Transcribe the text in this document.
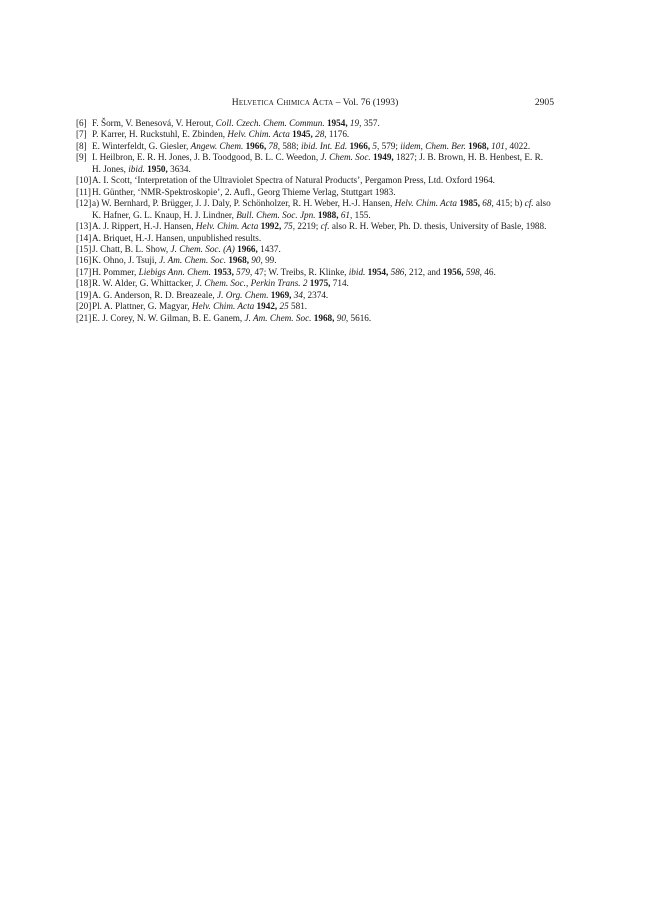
Helvetica Chimica Acta – Vol. 76 (1993)	2905
[6] F. Šorm, V. Benesová, V. Herout, Coll. Czech. Chem. Commun. 1954, 19, 357.
[7] P. Karrer, H. Ruckstuhl, E. Zbinden, Helv. Chim. Acta 1945, 28, 1176.
[8] E. Winterfeldt, G. Giesler, Angew. Chem. 1966, 78, 588; ibid. Int. Ed. 1966, 5, 579; iidem, Chem. Ber. 1968, 101, 4022.
[9] I. Heilbron, E. R. H. Jones, J. B. Toodgood, B. L. C. Weedon, J. Chem. Soc. 1949, 1827; J. B. Brown, H. B. Henbest, E. R. H. Jones, ibid. 1950, 3634.
[10] A. I. Scott, ‘Interpretation of the Ultraviolet Spectra of Natural Products’, Pergamon Press, Ltd. Oxford 1964.
[11] H. Günther, ‘NMR-Spektroskopie’, 2. Aufl., Georg Thieme Verlag, Stuttgart 1983.
[12] a) W. Bernhard, P. Brügger, J. J. Daly, P. Schönholzer, R. H. Weber, H.-J. Hansen, Helv. Chim. Acta 1985, 68, 415; b) cf. also K. Hafner, G. L. Knaup, H. J. Lindner, Bull. Chem. Soc. Jpn. 1988, 61, 155.
[13] A. J. Rippert, H.-J. Hansen, Helv. Chim. Acta 1992, 75, 2219; cf. also R. H. Weber, Ph. D. thesis, University of Basle, 1988.
[14] A. Briquet, H.-J. Hansen, unpublished results.
[15] J. Chatt, B. L. Show, J. Chem. Soc. (A) 1966, 1437.
[16] K. Ohno, J. Tsuji, J. Am. Chem. Soc. 1968, 90, 99.
[17] H. Pommer, Liebigs Ann. Chem. 1953, 579, 47; W. Treibs, R. Klinke, ibid. 1954, 586, 212, and 1956, 598, 46.
[18] R. W. Alder, G. Whittacker, J. Chem. Soc., Perkin Trans. 2 1975, 714.
[19] A. G. Anderson, R. D. Breazeale, J. Org. Chem. 1969, 34, 2374.
[20] Pl. A. Plattner, G. Magyar, Helv. Chim. Acta 1942, 25 581.
[21] E. J. Corey, N. W. Gilman, B. E. Ganem, J. Am. Chem. Soc. 1968, 90, 5616.
